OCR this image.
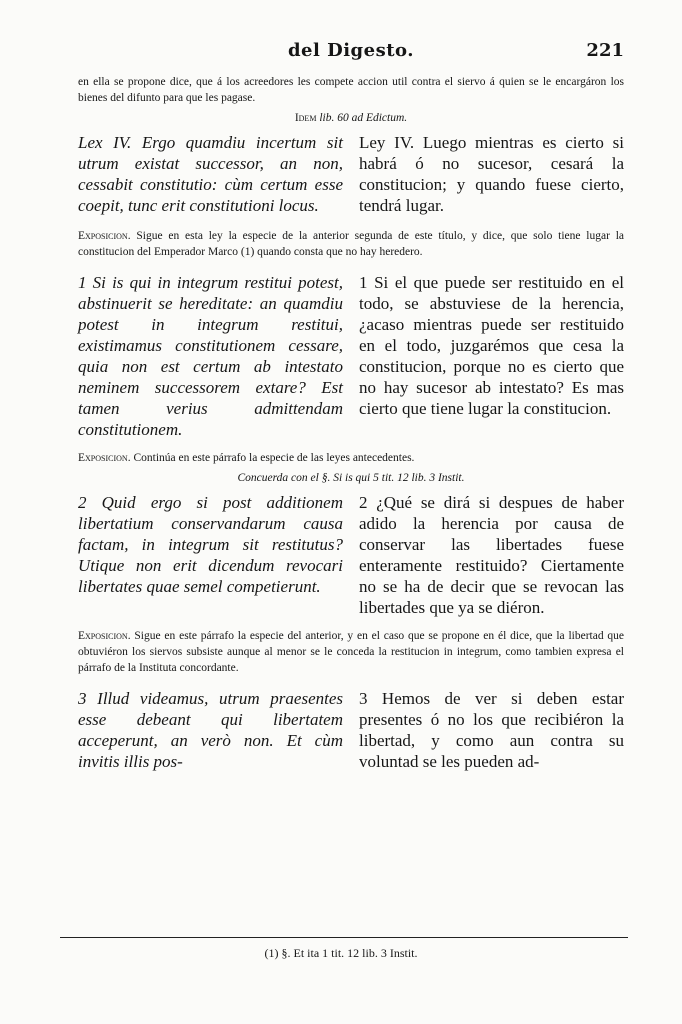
del Digesto.	221

en ella se propone dice, que á los acreedores les compete accion util contra el siervo á quien se le encargáron los bienes del difunto para que les pagase.

Idem lib. 60 ad Edictum.

Lex IV. Ergo quamdiu incertum sit utrum existat successor, an non, cessabit constitutio: cùm certum esse coepit, tunc erit constitutioni locus.

Ley IV. Luego mientras es cierto si habrá ó no sucesor, cesará la constitucion; y quando fuese cierto, tendrá lugar.

Exposicion. Sigue en esta ley la especie de la anterior segunda de este título, y dice, que solo tiene lugar la constitucion del Emperador Marco (1) quando consta que no hay heredero.

1 Si is qui in integrum restitui potest, abstinuerit se hereditate: an quamdiu potest in integrum restitui, existimamus constitutionem cessare, quia non est certum ab intestato neminem successorem extare? Est tamen verius admittendam constitutionem.

1 Si el que puede ser restituido en el todo, se abstuviese de la herencia, ¿acaso mientras puede ser restituido en el todo, juzgarémos que cesa la constitucion, porque no es cierto que no hay sucesor ab intestato? Es mas cierto que tiene lugar la constitucion.

Exposicion. Continúa en este párrafo la especie de las leyes antecedentes.

Concuerda con el §. Si is qui 5 tit. 12 lib. 3 Instit.

2 Quid ergo si post additionem libertatium conservandarum causa factam, in integrum sit restitutus? Utique non erit dicendum revocari libertates quae semel competierunt.

2 ¿Qué se dirá si despues de haber adido la herencia por causa de conservar las libertades fuese enteramente restituido? Ciertamente no se ha de decir que se revocan las libertades que ya se diéron.

Exposicion. Sigue en este párrafo la especie del anterior, y en el caso que se propone en él dice, que la libertad que obtuviéron los siervos subsiste aunque al menor se le conceda la restitucion in integrum, como tambien expresa el párrafo de la Instituta concordante.

3 Illud videamus, utrum praesentes esse debeant qui libertatem acceperunt, an verò non. Et cùm invitis illis pos-

3 Hemos de ver si deben estar presentes ó no los que recibiéron la libertad, y como aun contra su voluntad se les pueden ad-

(1) §. Et ita 1 tit. 12 lib. 3 Instit.
